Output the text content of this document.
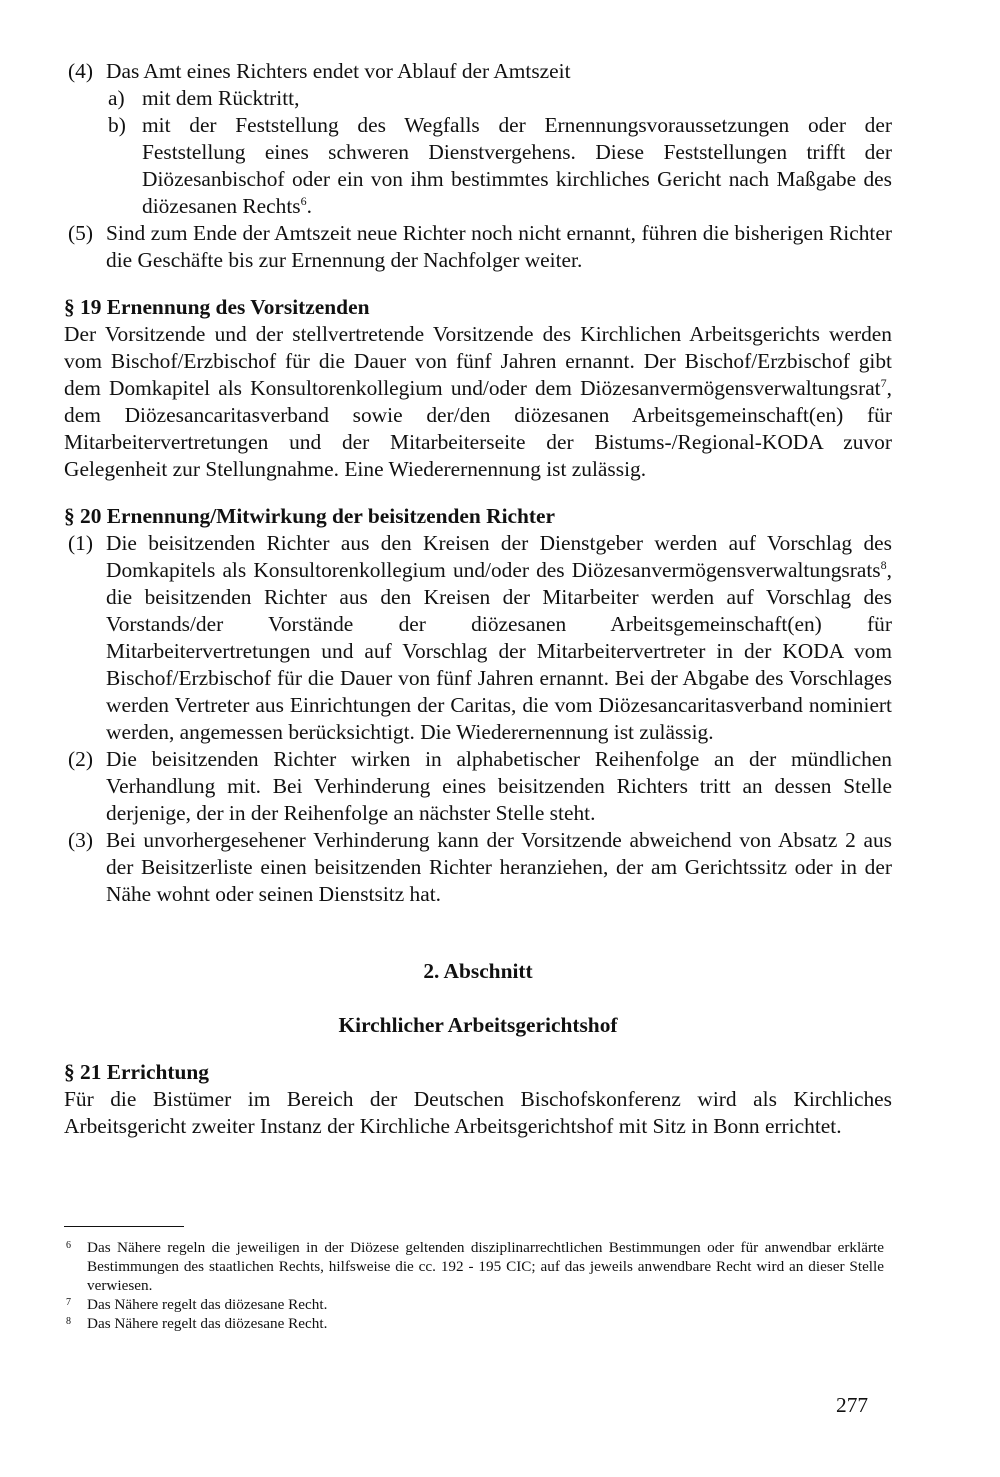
(4) Das Amt eines Richters endet vor Ablauf der Amtszeit
a) mit dem Rücktritt,
b) mit der Feststellung des Wegfalls der Ernennungsvoraussetzungen oder der Feststellung eines schweren Dienstvergehens. Diese Feststellungen trifft der Diözesanbischof oder ein von ihm bestimmtes kirchliches Gericht nach Maßgabe des diözesanen Rechts$^6$.
(5) Sind zum Ende der Amtszeit neue Richter noch nicht ernannt, führen die bisherigen Richter die Geschäfte bis zur Ernennung der Nachfolger weiter.
§ 19 Ernennung des Vorsitzenden
Der Vorsitzende und der stellvertretende Vorsitzende des Kirchlichen Arbeitsgerichts werden vom Bischof/Erzbischof für die Dauer von fünf Jahren ernannt. Der Bischof/Erzbischof gibt dem Domkapitel als Konsultorenkollegium und/oder dem Diözesanvermögensverwaltungsrat$^7$, dem Diözesancaritasverband sowie der/den diözesanen Arbeitsgemeinschaft(en) für Mitarbeitervertretungen und der Mitarbeiterseite der Bistums-/Regional-KODA zuvor Gelegenheit zur Stellungnahme. Eine Wiederernennung ist zulässig.
§ 20 Ernennung/Mitwirkung der beisitzenden Richter
(1) Die beisitzenden Richter aus den Kreisen der Dienstgeber werden auf Vorschlag des Domkapitels als Konsultorenkollegium und/oder des Diözesanvermögensverwaltungsrats$^8$, die beisitzenden Richter aus den Kreisen der Mitarbeiter werden auf Vorschlag des Vorstands/der Vorstände der diözesanen Arbeitsgemeinschaft(en) für Mitarbeitervertretungen und auf Vorschlag der Mitarbeitervertreter in der KODA vom Bischof/Erzbischof für die Dauer von fünf Jahren ernannt. Bei der Abgabe des Vorschlages werden Vertreter aus Einrichtungen der Caritas, die vom Diözesancaritasverband nominiert werden, angemessen berücksichtigt. Die Wiederernennung ist zulässig.
(2) Die beisitzenden Richter wirken in alphabetischer Reihenfolge an der mündlichen Verhandlung mit. Bei Verhinderung eines beisitzenden Richters tritt an dessen Stelle derjenige, der in der Reihenfolge an nächster Stelle steht.
(3) Bei unvorhergesehener Verhinderung kann der Vorsitzende abweichend von Absatz 2 aus der Beisitzerliste einen beisitzenden Richter heranziehen, der am Gerichtssitz oder in der Nähe wohnt oder seinen Dienstsitz hat.
2. Abschnitt
Kirchlicher Arbeitsgerichtshof
§ 21 Errichtung
Für die Bistümer im Bereich der Deutschen Bischofskonferenz wird als Kirchliches Arbeitsgericht zweiter Instanz der Kirchliche Arbeitsgerichtshof mit Sitz in Bonn errichtet.
6 Das Nähere regeln die jeweiligen in der Diözese geltenden disziplinarrechtlichen Bestimmungen oder für anwendbar erklärte Bestimmungen des staatlichen Rechts, hilfsweise die cc. 192 - 195 CIC; auf das jeweils anwendbare Recht wird an dieser Stelle verwiesen.
7 Das Nähere regelt das diözesane Recht.
8 Das Nähere regelt das diözesane Recht.
277
